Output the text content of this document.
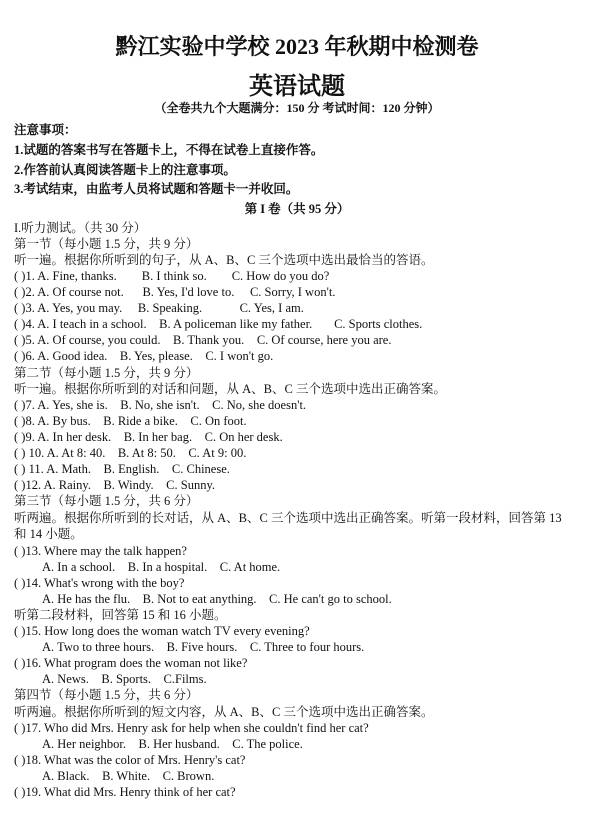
黔江实验中学校 2023 年秋期中检测卷
英语试题
（全卷共九个大题满分：150 分 考试时间：120 分钟）
注意事项：
1.试题的答案书写在答题卡上，不得在试卷上直接作答。
2.作答前认真阅读答题卡上的注意事项。
3.考试结束，由监考人员将试题和答题卡一并收回。
第 I 卷（共 95 分）
I.听力测试。（共 30 分）
第一节（每小题 1.5 分，共 9 分）
听一遍。根据你所听到的句子，从 A、B、C 三个选项中选出最恰当的答语。
( )1. A. Fine, thanks. B. I think so. C. How do you do?
( )2. A. Of course not. B. Yes, I'd love to. C. Sorry, I won't.
( )3. A. Yes, you may. B. Speaking.	C. Yes, I am.
( )4. A. I teach in a school. B. A policeman like my father. C. Sports clothes.
( )5. A. Of course, you could. B. Thank you. C. Of course, here you are.
( )6. A. Good idea. B. Yes, please. C. I won't go.
第二节（每小题 1.5 分，共 9 分）
听一遍。根据你所听到的对话和问题，从 A、B、C 三个选项中选出正确答案。
( )7. A. Yes, she is. B. No, she isn't. C. No, she doesn't.
( )8. A. By bus. B. Ride a bike. C. On foot.
( )9. A. In her desk. B. In her bag. C. On her desk.
( ) 10. A. At 8: 40. B. At 8: 50. C. At 9: 00.
( ) 11. A. Math. B. English. C. Chinese.
( )12. A. Rainy. B. Windy. C. Sunny.
第三节（每小题 1.5 分，共 6 分）
听两遍。根据你所听到的长对话，从 A、B、C 三个选项中选出正确答案。听第一段材料，回答第 13
和 14 小题。
( )13. Where may the talk happen?
A. In a school. B. In a hospital. C. At home.
( )14. What's wrong with the boy?
A. He has the flu. B. Not to eat anything. C. He can't go to school.
听第二段材料，回答第 15 和 16 小题。
( )15. How long does the woman watch TV every evening?
A. Two to three hours. B. Five hours. C. Three to four hours.
( )16. What program does the woman not like?
A. News. B. Sports. C.Films.
第四节（每小题 1.5 分，共 6 分）
听两遍。根据你所听到的短文内容，从 A、B、C 三个选项中选出正确答案。
( )17. Who did Mrs. Henry ask for help when she couldn't find her cat?
A. Her neighbor. B. Her husband. C. The police.
( )18. What was the color of Mrs. Henry's cat?
A. Black. B. White. C. Brown.
( )19. What did Mrs. Henry think of her cat?
